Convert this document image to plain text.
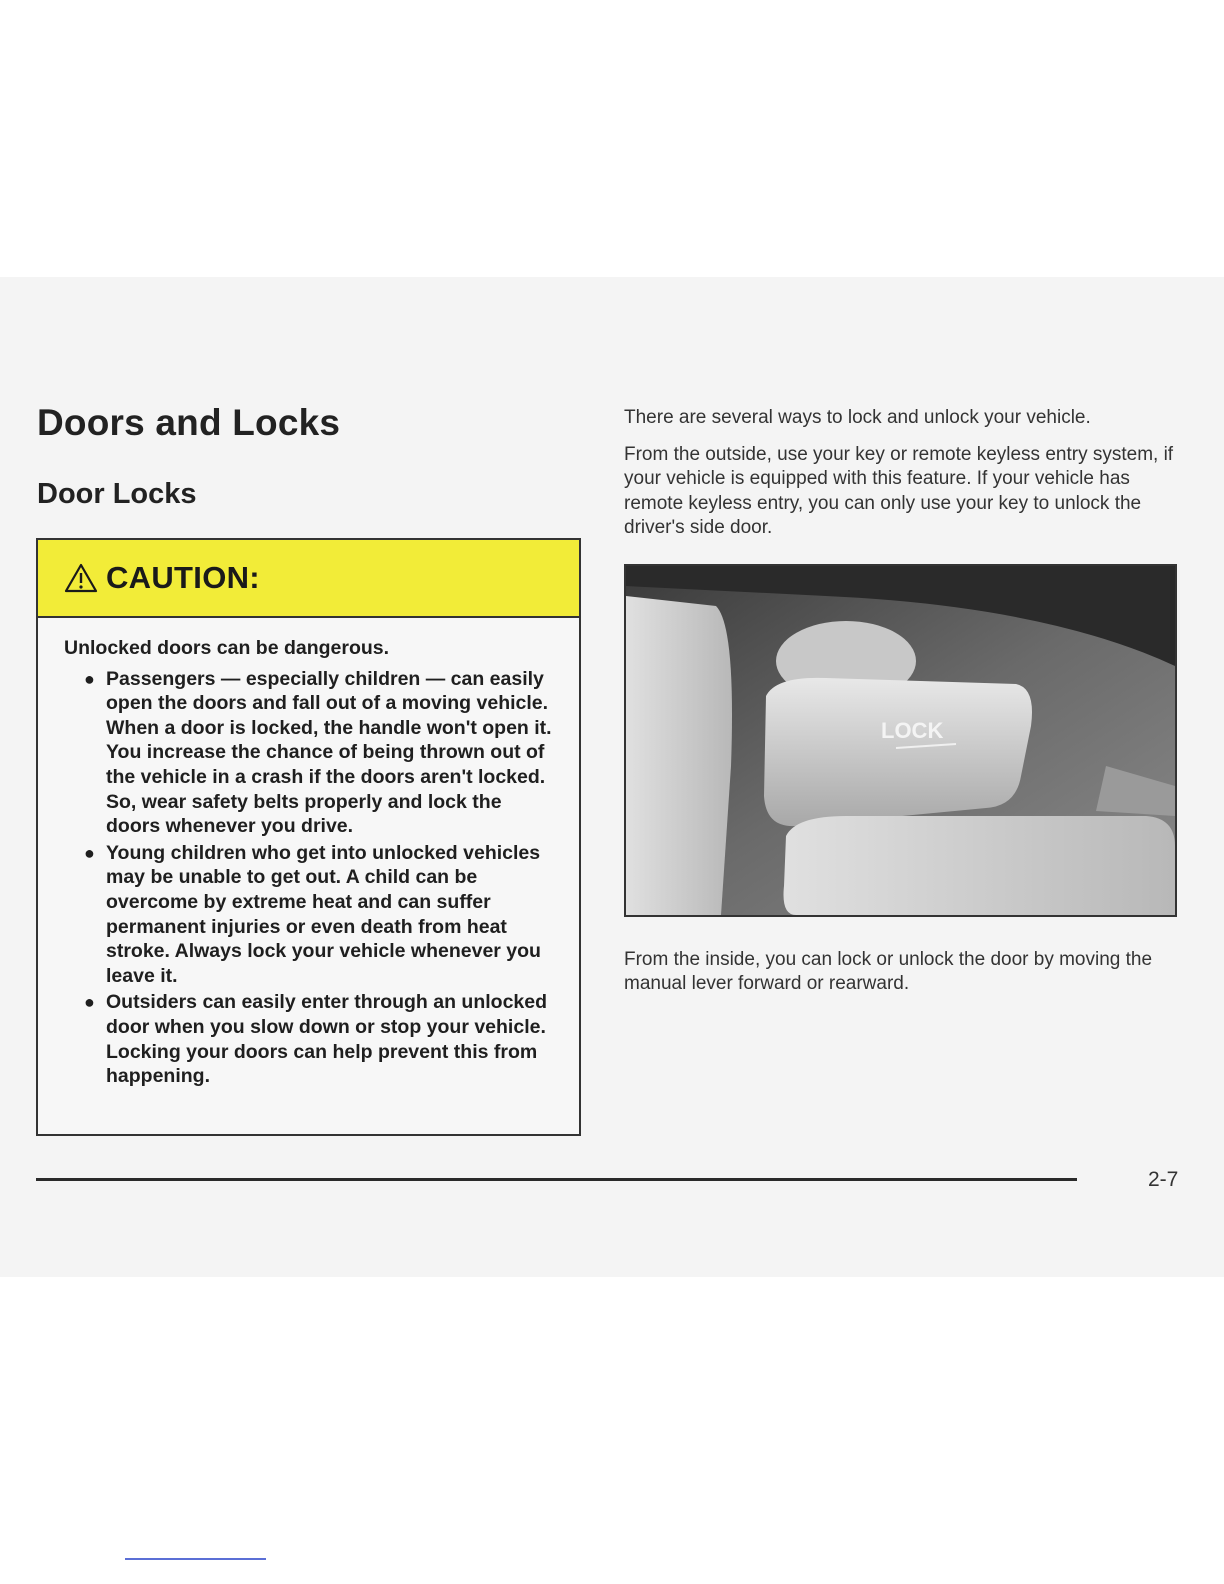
Doors and Locks
Door Locks
CAUTION:

Unlocked doors can be dangerous.

● Passengers — especially children — can easily open the doors and fall out of a moving vehicle. When a door is locked, the handle won't open it. You increase the chance of being thrown out of the vehicle in a crash if the doors aren't locked. So, wear safety belts properly and lock the doors whenever you drive.
● Young children who get into unlocked vehicles may be unable to get out. A child can be overcome by extreme heat and can suffer permanent injuries or even death from heat stroke. Always lock your vehicle whenever you leave it.
● Outsiders can easily enter through an unlocked door when you slow down or stop your vehicle. Locking your doors can help prevent this from happening.

There are several ways to lock and unlock your vehicle.

From the outside, use your key or remote keyless entry system, if your vehicle is equipped with this feature. If your vehicle has remote keyless entry, you can only use your key to unlock the driver's side door.

LOCK

From the inside, you can lock or unlock the door by moving the manual lever forward or rearward.

2-7
